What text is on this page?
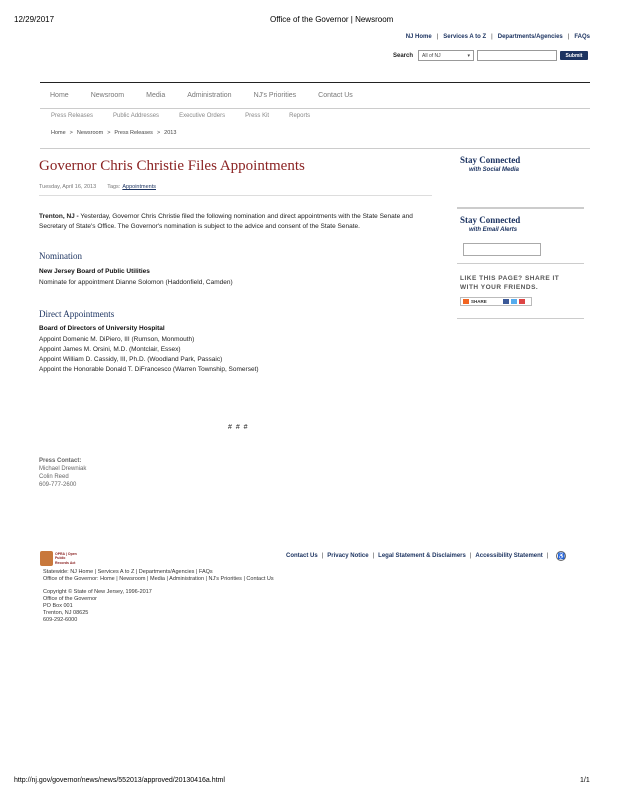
12/29/2017	Office of the Governor | Newsroom
NJ Home | Services A to Z | Departments/Agencies | FAQs
Search All of NJ	▾	Submit
Home	Newsroom	Media	Administration	NJ's Priorities	Contact Us
Press Releases	Public Addresses	Executive Orders	Press Kit	Reports
Home > Newsroom > Press Releases > 2013
Governor Chris Christie Files Appointments
Tuesday, April 16, 2013 Tags: Appointments

Trenton, NJ - Yesterday, Governor Chris Christie filed the following nomination and direct appointments with the State Senate and Secretary of State's Office. The Governor's nomination is subject to the advice and consent of the State Senate.

Nomination
New Jersey Board of Public Utilities
Nominate for appointment Dianne Solomon (Haddonfield, Camden)
Direct Appointments
Board of Directors of University Hospital
Appoint Domenic M. DiPiero, III (Rumson, Monmouth)
Appoint James M. Orsini, M.D. (Montclair, Essex)
Appoint William D. Cassidy, III, Ph.D. (Woodland Park, Passaic)
Appoint the Honorable Donald T. DiFrancesco (Warren Township, Somerset)
# # #
Press Contact:
Michael Drewniak
Colin Reed
609-777-2600
Stay Connected
with Social Media
Stay Connected
with Email Alerts
LIKE THIS PAGE? SHARE IT WITH YOUR FRIENDS.
SHARE
OPRA | Open
Public Records Act
Contact Us | Privacy Notice | Legal Statement & Disclaimers | Accessibility Statement | ♿
Statewide: NJ Home | Services A to Z | Departments/Agencies | FAQs
Office of the Governor: Home | Newsroom | Media | Administration | NJ's Priorities | Contact Us
Copyright © State of New Jersey, 1996-2017
Office of the Governor
PO Box 001
Trenton, NJ 08625
609-292-6000
http://nj.gov/governor/news/news/552013/approved/20130416a.html	1/1
